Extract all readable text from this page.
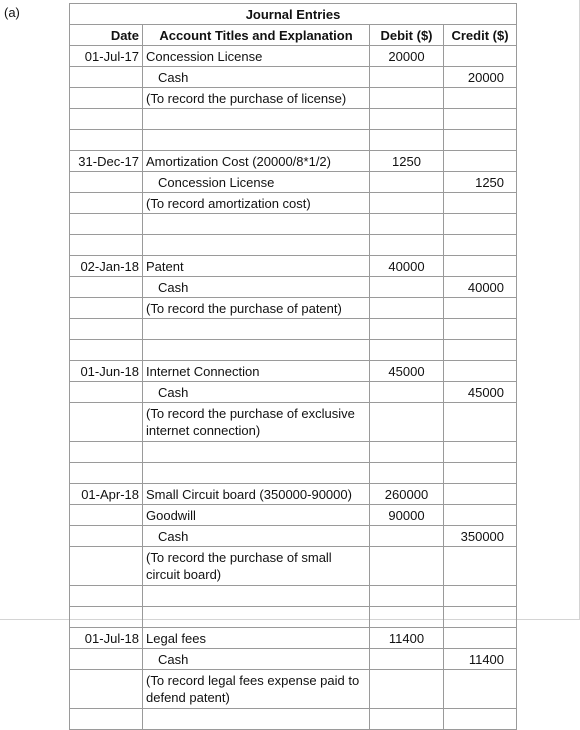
(a)	Journal Entries			
Date	Account Titles and Explanation	Debit ($)	Credit ($)
01-Jul-17	Concession License	20000	
	Cash		20000
	(To record the purchase of license)		

31-Dec-17	Amortization Cost (20000/8*1/2)	1250	
	Concession License		1250
	(To record amortization cost)		

02-Jan-18	Patent	40000	
	Cash		40000
	(To record the purchase of patent)		

01-Jun-18	Internet Connection	45000	
	Cash		45000
	(To record the purchase of exclusive internet connection)		

01-Apr-18	Small Circuit board (350000-90000)	260000	
	Goodwill	90000	
	Cash		350000
	(To record the purchase of small circuit board)		

01-Jul-18	Legal fees	11400	
	Cash		11400
	(To record legal fees expense paid to defend patent)		
